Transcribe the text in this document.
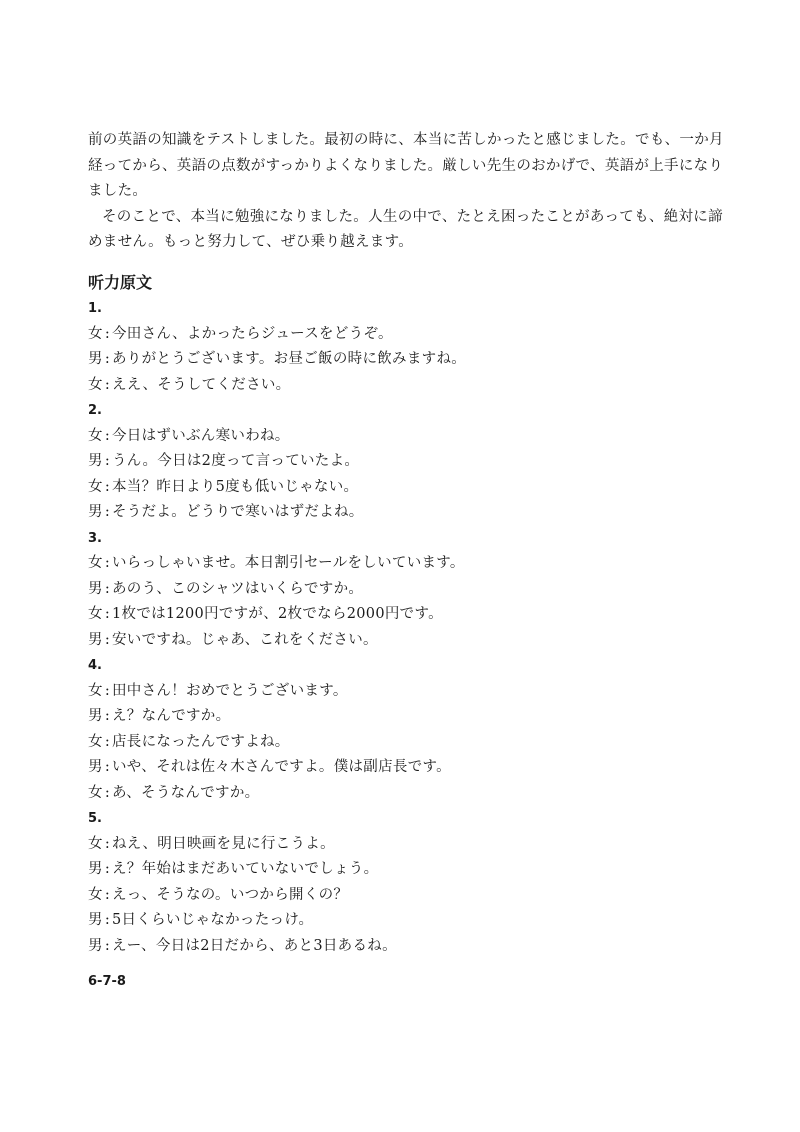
前の英語の知識をテストしました。最初の時に、本当に苦しかったと感じました。でも、一か月経ってから、英語の点数がすっかりよくなりました。厳しい先生のおかげで、英語が上手になりました。

そのことで、本当に勉強になりました。人生の中で、たとえ困ったことがあっても、絶対に諦めません。もっと努力して、ぜひ乗り越えます。

听力原文
1.
女 : 今田さん、よかったらジュースをどうぞ。
男 : ありがとうございます。お昼ご飯の時に飲みますね。
女 : ええ、そうしてください。
2.
女 : 今日はずいぶん寒いわね。
男 : うん。今日は2度って言っていたよ。
女 : 本当？昨日より5度も低いじゃない。
男 : そうだよ。どうりで寒いはずだよね。
3.
女 : いらっしゃいませ。本日割引セールをしいています。
男 : あのう、このシャツはいくらですか。
女 : 1枚では1200円ですが、2枚でなら2000円です。
男 : 安いですね。じゃあ、これをください。
4.
女 : 田中さん！おめでとうございます。
男 : え？なんですか。
女 : 店長になったんですよね。
男 : いや、それは佐々木さんですよ。僕は副店長です。
女 : あ、そうなんですか。
5.
女 : ねえ、明日映画を見に行こうよ。
男 : え？年始はまだあいていないでしょう。
女 : えっ、そうなの。いつから開くの？
男 : 5日くらいじゃなかったっけ。
男 : えー、今日は2日だから、あと3日あるね。
6-7-8
